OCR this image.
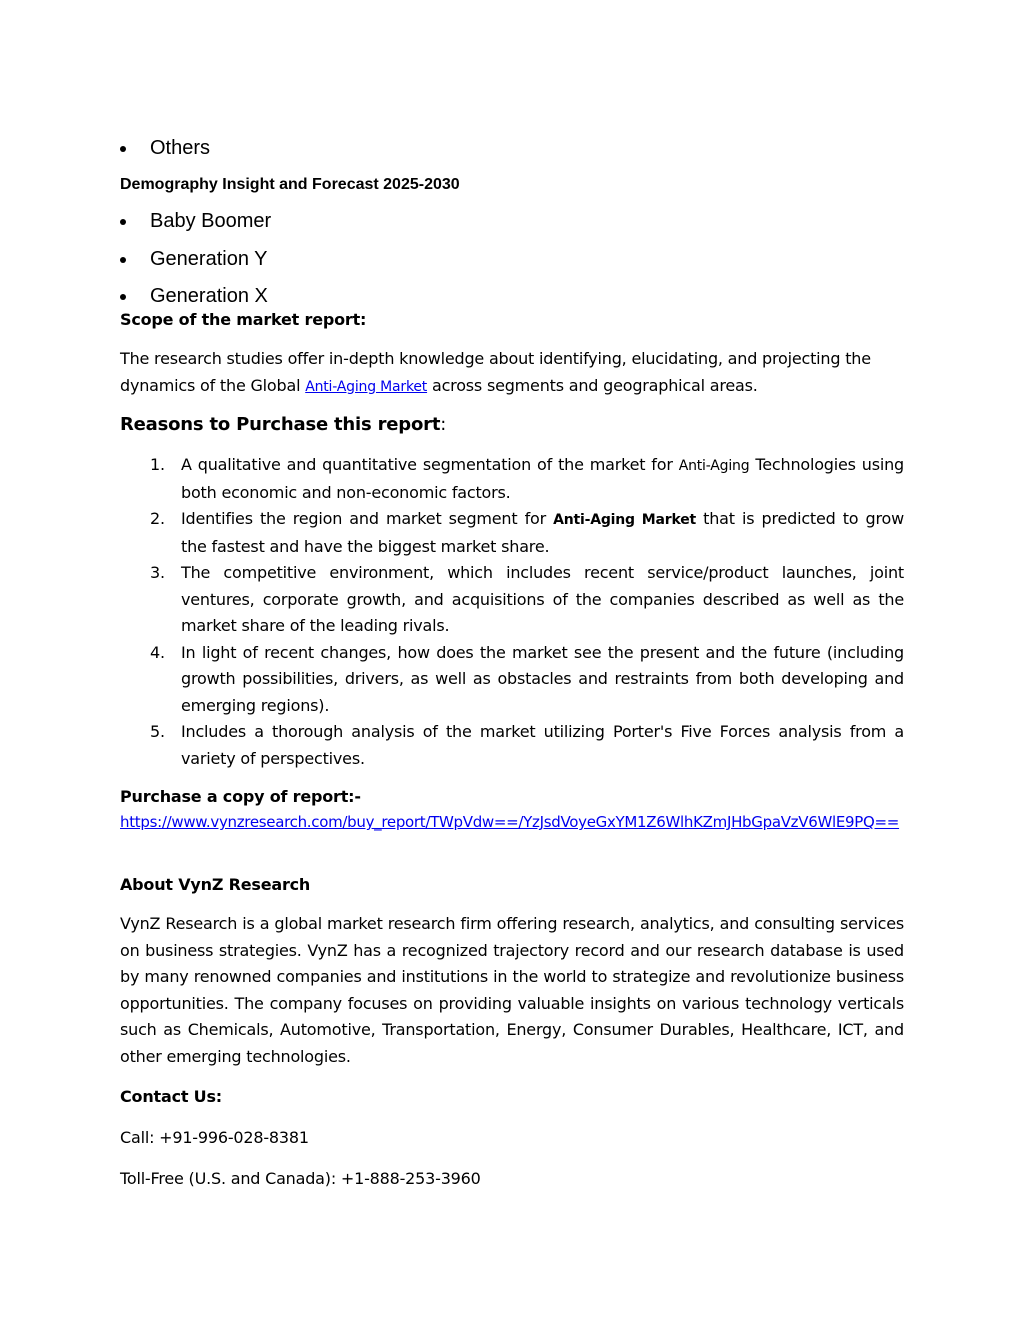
Others
Demography Insight and Forecast 2025-2030
Baby Boomer
Generation Y
Generation X
Scope of the market report:

The research studies offer in-depth knowledge about identifying, elucidating, and projecting the dynamics of the Global Anti-Aging Market across segments and geographical areas.

Reasons to Purchase this report:
1. A qualitative and quantitative segmentation of the market for Anti-Aging Technologies using both economic and non-economic factors.
2. Identifies the region and market segment for Anti-Aging Market that is predicted to grow the fastest and have the biggest market share.
3. The competitive environment, which includes recent service/product launches, joint ventures, corporate growth, and acquisitions of the companies described as well as the market share of the leading rivals.
4. In light of recent changes, how does the market see the present and the future (including growth possibilities, drivers, as well as obstacles and restraints from both developing and emerging regions).
5. Includes a thorough analysis of the market utilizing Porter's Five Forces analysis from a variety of perspectives.
Purchase a copy of report:-
https://www.vynzresearch.com/buy_report/TWpVdw==/YzJsdVoyeGxYM1Z6WlhKZmJHbGpaVzV6WlE9PQ==
About VynZ Research

VynZ Research is a global market research firm offering research, analytics, and consulting services on business strategies. VynZ has a recognized trajectory record and our research database is used by many renowned companies and institutions in the world to strategize and revolutionize business opportunities. The company focuses on providing valuable insights on various technology verticals such as Chemicals, Automotive, Transportation, Energy, Consumer Durables, Healthcare, ICT, and other emerging technologies.

Contact Us:
Call: +91-996-028-8381
Toll-Free (U.S. and Canada): +1-888-253-3960
